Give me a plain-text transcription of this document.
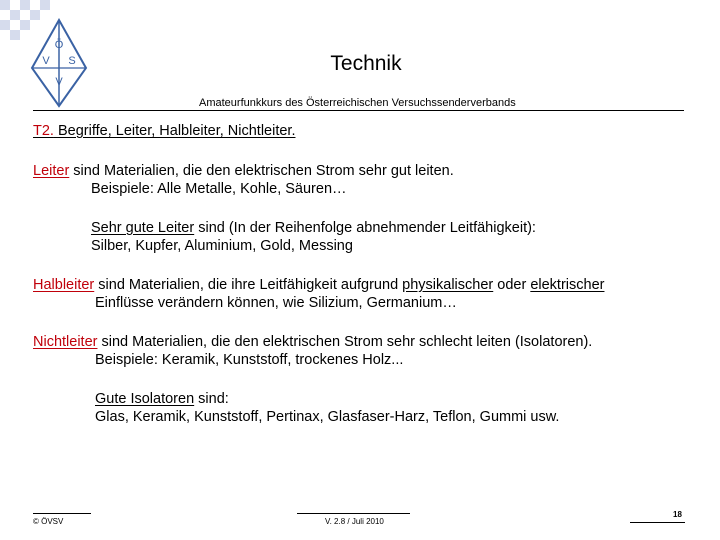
Ö
V S
V
Technik
Amateurfunkkurs des Österreichischen Versuchssenderverbands
T2. Begriffe, Leiter, Halbleiter, Nichtleiter.
Leiter sind Materialien, die den elektrischen Strom sehr gut leiten.
Beispiele: Alle Metalle, Kohle, Säuren…
Sehr gute Leiter sind (In der Reihenfolge abnehmender Leitfähigkeit):
Silber, Kupfer, Aluminium, Gold, Messing
Halbleiter sind Materialien, die ihre Leitfähigkeit aufgrund physikalischer oder elektrischer
Einflüsse verändern können, wie Silizium, Germanium…
Nichtleiter sind Materialien, die den elektrischen Strom sehr schlecht leiten (Isolatoren).
Beispiele: Keramik, Kunststoff, trockenes Holz...
Gute Isolatoren sind:
Glas, Keramik, Kunststoff, Pertinax, Glasfaser-Harz, Teflon, Gummi usw.
© ÖVSV	V. 2.8 / Juli 2010
18
